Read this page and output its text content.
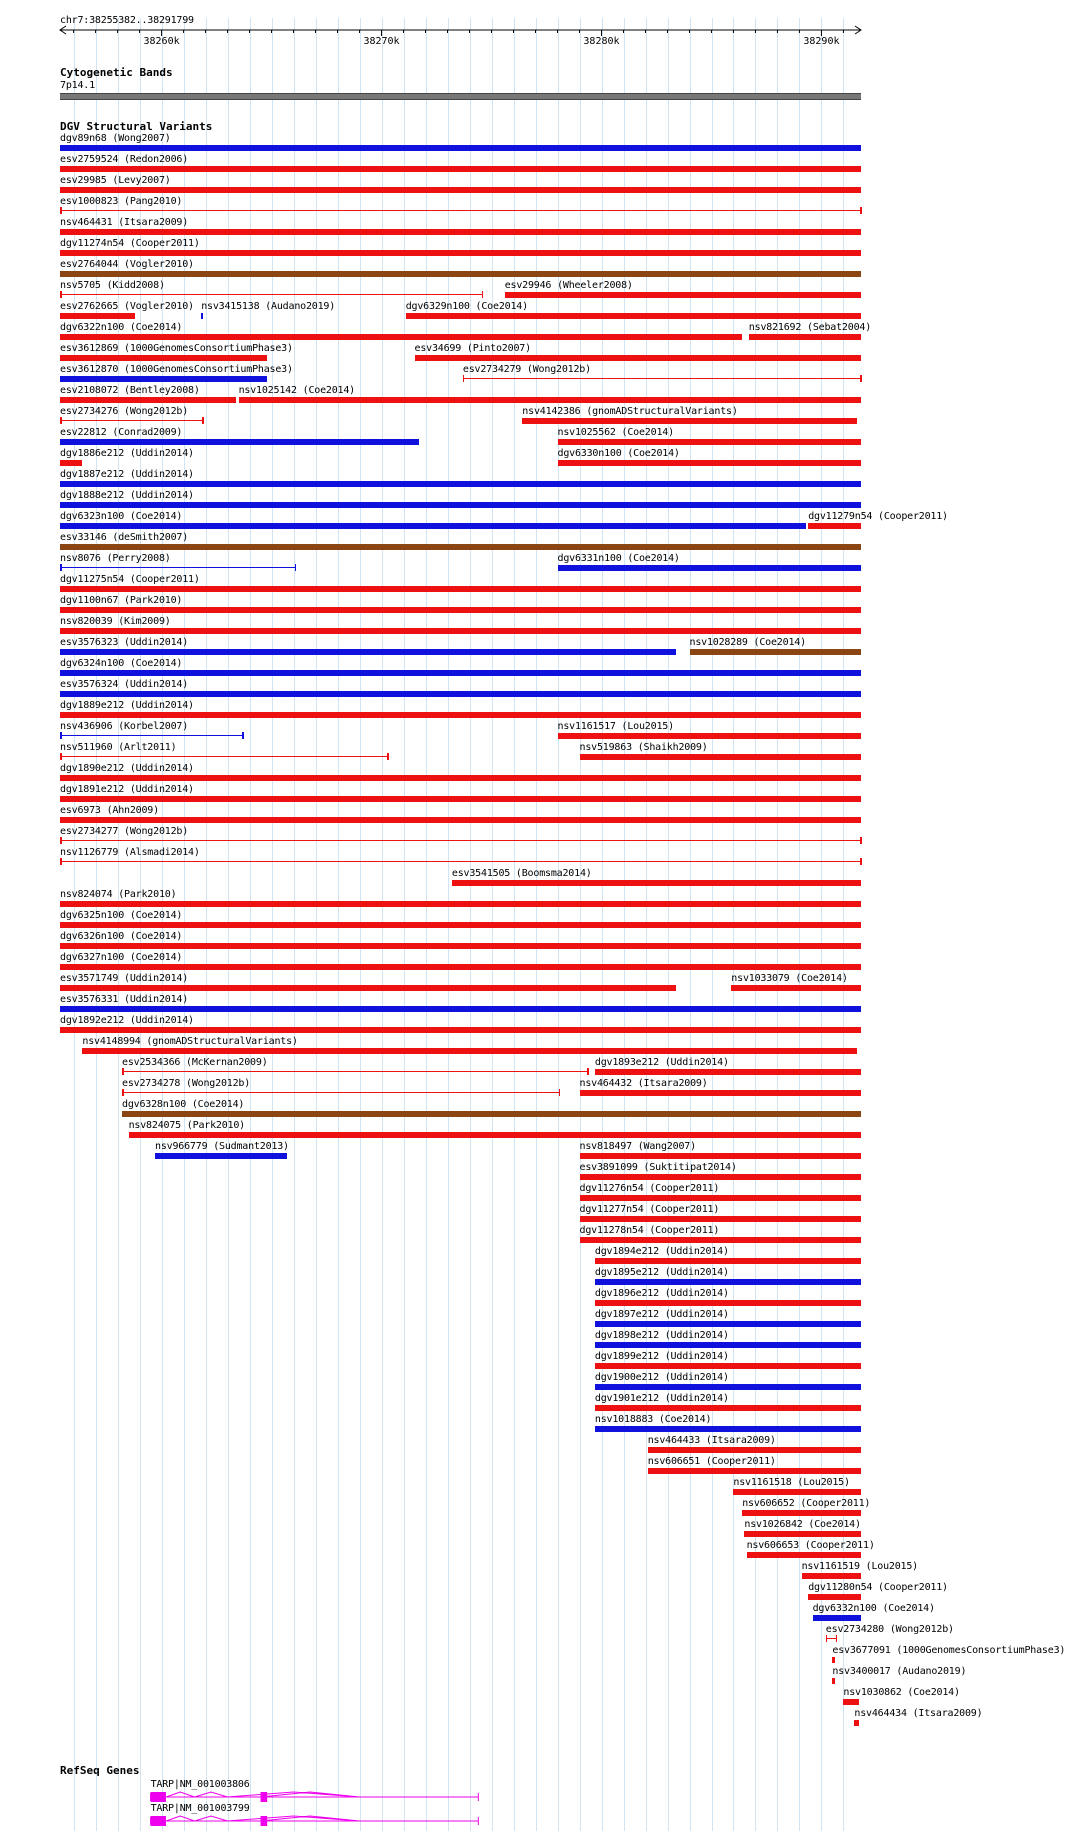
chr7:38255382..38291799
38260k	38270k	38280k	38290k
Cytogenetic Bands
7p14.1
DGV Structural Variants
dgv89n68 (Wong2007)
esv2759524 (Redon2006)
esv29985 (Levy2007)
esv1000823 (Pang2010)
nsv464431 (Itsara2009)
dgv11274n54 (Cooper2011)
esv2764044 (Vogler2010)
nsv5705 (Kidd2008)	esv29946 (Wheeler2008)
esv2762665 (Vogler2010) nsv3415138 (Audano2019)	dgv6329n100 (Coe2014)
dgv6322n100 (Coe2014)	nsv821692 (Sebat2004)
esv3612869 (1000GenomesConsortiumPhase3)	esv34699 (Pinto2007)
esv3612870 (1000GenomesConsortiumPhase3)	esv2734279 (Wong2012b)
esv2108072 (Bentley2008)	nsv1025142 (Coe2014)
esv2734276 (Wong2012b)	nsv4142386 (gnomADStructuralVariants)
esv22812 (Conrad2009)	nsv1025562 (Coe2014)
dgv1886e212 (Uddin2014)	dgv6330n100 (Coe2014)
dgv1887e212 (Uddin2014)
dgv1888e212 (Uddin2014)
dgv6323n100 (Coe2014)	dgv11279n54 (Cooper2011)
esv33146 (deSmith2007)
nsv8076 (Perry2008)	dgv6331n100 (Coe2014)
dgv11275n54 (Cooper2011)
dgv1100n67 (Park2010)
nsv820039 (Kim2009)
esv3576323 (Uddin2014)	nsv1028289 (Coe2014)
dgv6324n100 (Coe2014)
esv3576324 (Uddin2014)
dgv1889e212 (Uddin2014)
nsv436906 (Korbel2007)	nsv1161517 (Lou2015)
nsv511960 (Arlt2011)	nsv519863 (Shaikh2009)
dgv1890e212 (Uddin2014)
dgv1891e212 (Uddin2014)
esv6973 (Ahn2009)
esv2734277 (Wong2012b)
nsv1126779 (Alsmadi2014)
esv3541505 (Boomsma2014)
nsv824074 (Park2010)
dgv6325n100 (Coe2014)
dgv6326n100 (Coe2014)
dgv6327n100 (Coe2014)
esv3571749 (Uddin2014)	nsv1033079 (Coe2014)
esv3576331 (Uddin2014)
dgv1892e212 (Uddin2014)
nsv4148994 (gnomADStructuralVariants)
esv2534366 (McKernan2009)	dgv1893e212 (Uddin2014)
esv2734278 (Wong2012b)	nsv464432 (Itsara2009)
dgv6328n100 (Coe2014)
nsv824075 (Park2010)
nsv966779 (Sudmant2013)	nsv818497 (Wang2007)
esv3891099 (Suktitipat2014)
dgv11276n54 (Cooper2011)
dgv11277n54 (Cooper2011)
dgv11278n54 (Cooper2011)
dgv1894e212 (Uddin2014)
dgv1895e212 (Uddin2014)
dgv1896e212 (Uddin2014)
dgv1897e212 (Uddin2014)
dgv1898e212 (Uddin2014)
dgv1899e212 (Uddin2014)
dgv1900e212 (Uddin2014)
dgv1901e212 (Uddin2014)
nsv1018883 (Coe2014)
nsv464433 (Itsara2009)
nsv606651 (Cooper2011)
nsv1161518 (Lou2015)
nsv606652 (Cooper2011)
nsv1026842 (Coe2014)
nsv606653 (Cooper2011)
nsv1161519 (Lou2015)
dgv11280n54 (Cooper2011)
dgv6332n100 (Coe2014)
esv2734280 (Wong2012b)
esv3677091 (1000GenomesConsortiumPhase3)
nsv3400017 (Audano2019)
nsv1030862 (Coe2014)
nsv464434 (Itsara2009)
RefSeq Genes
TARP|NM_001003806
TARP|NM_001003799
